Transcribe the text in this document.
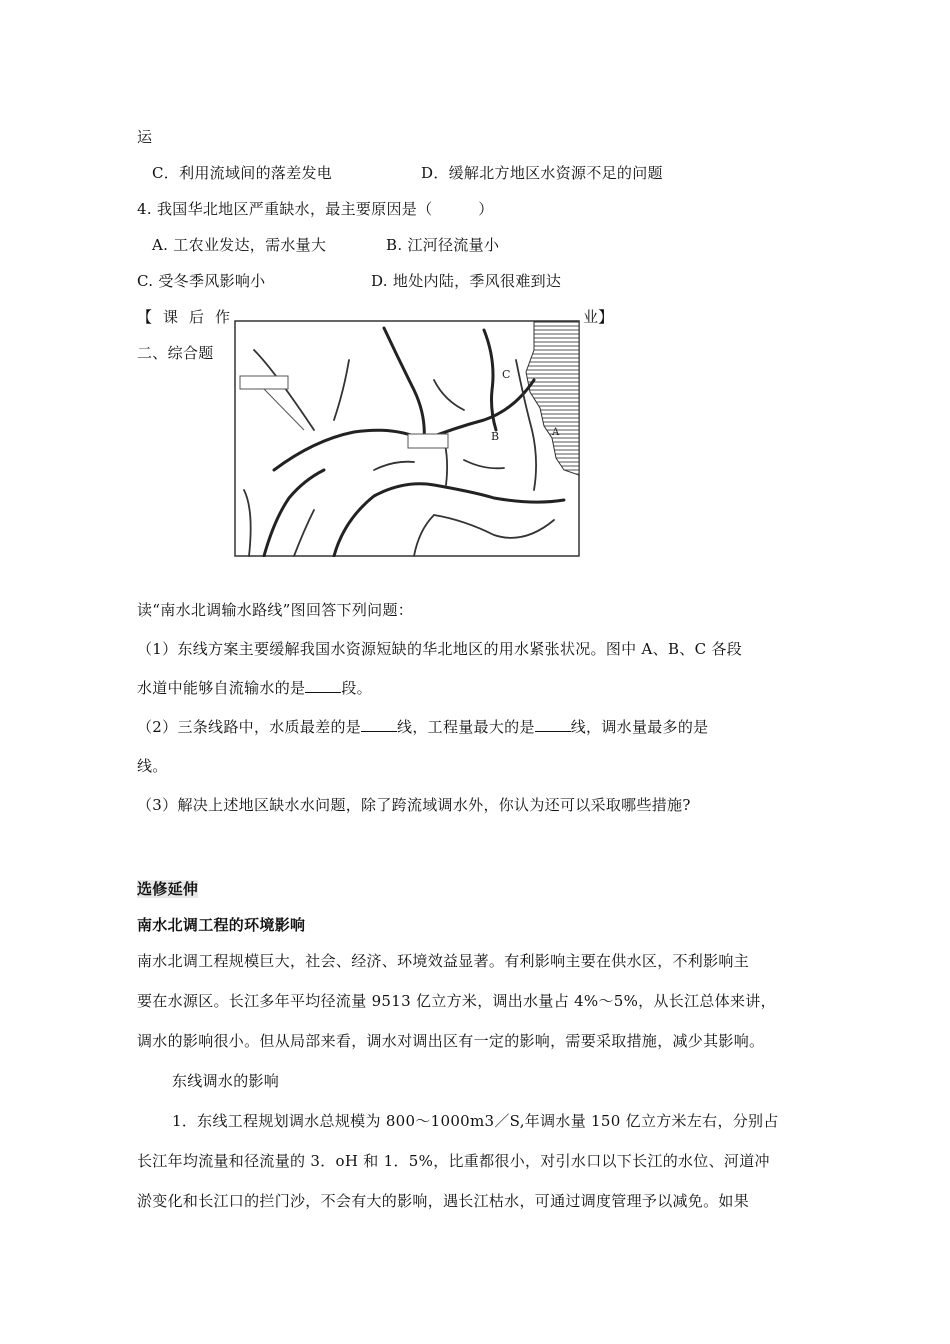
运
C．利用流域间的落差发电	D．缓解北方地区水资源不足的问题
4. 我国华北地区严重缺水，最主要原因是（　　　）
A. 工农业发达，需水量大	B. 江河径流量小
C. 受冬季风影响小	D. 地处内陆，季风很难到达
【 课 后 作	业】
二、综合题
B
C
A
读“南水北调输水路线”图回答下列问题：
（1）东线方案主要缓解我国水资源短缺的华北地区的用水紧张状况。图中 A、B、C 各段
水道中能够自流输水的是 段。
（2）三条线路中，水质最差的是 线，工程量最大的是 线，调水量最多的是
线。
（3）解决上述地区缺水水问题，除了跨流域调水外，你认为还可以采取哪些措施?
选修延伸
南水北调工程的环境影响
南水北调工程规模巨大，社会、经济、环境效益显著。有利影响主要在供水区，不利影响主
要在水源区。长江多年平均径流量 9513 亿立方米，调出水量占 4%～5%，从长江总体来讲，
调水的影响很小。但从局部来看，调水对调出区有一定的影响，需要采取措施，减少其影响。
东线调水的影响
1．东线工程规划调水总规模为 800～1000m3／S,年调水量 150 亿立方米左右，分别占
长江年均流量和径流量的 3．oH 和 1．5%，比重都很小，对引水口以下长江的水位、河道冲
淤变化和长江口的拦门沙，不会有大的影响，遇长江枯水，可通过调度管理予以减免。如果
